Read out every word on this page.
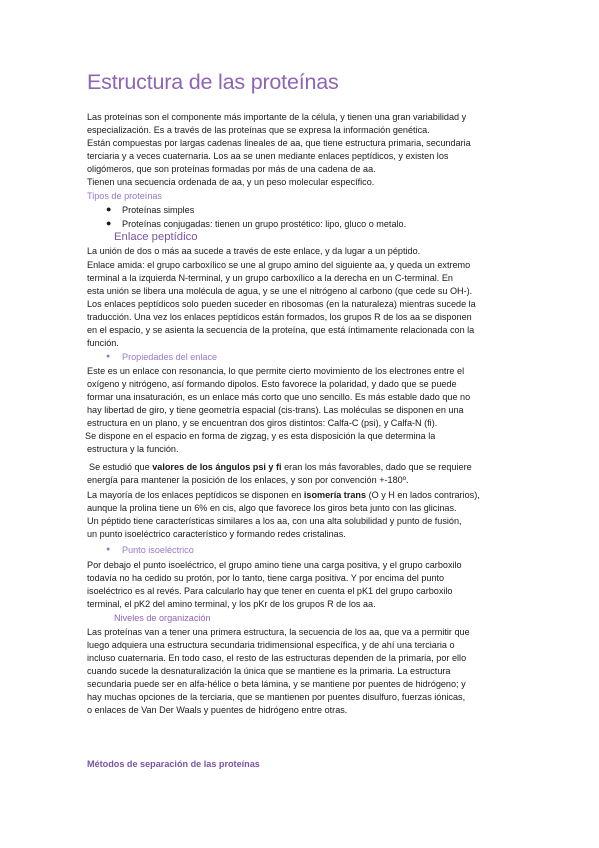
Estructura de las proteínas
Las proteínas son el componente más importante de la célula, y tienen una gran variabilidad y
especialización. Es a través de las proteínas que se expresa la información genética.
Están compuestas por largas cadenas lineales de aa, que tiene estructura primaria, secundaria
terciaria y a veces cuaternaria. Los aa se unen mediante enlaces peptídicos, y existen los
oligómeros, que son proteínas formadas por más de una cadena de aa.
Tienen una secuencia ordenada de aa, y un peso molecular específico.
Tipos de proteínas
● Proteínas simples
● Proteínas conjugadas: tienen un grupo prostético: lipo, gluco o metalo.
Enlace peptídico
La unión de dos o más aa sucede a través de este enlace, y da lugar a un péptido.
Enlace amida: el grupo carboxílico se une al grupo amino del siguiente aa, y queda un extremo
terminal a la izquierda N-terminal, y un grupo carboxílico a la derecha en un C-terminal. En
esta unión se libera una molécula de agua, y se une el nitrógeno al carbono (que cede su OH-).
Los enlaces peptídicos solo pueden suceder en ribosomas (en la naturaleza) mientras sucede la
traducción. Una vez los enlaces peptídicos están formados, los grupos R de los aa se disponen
en el espacio, y se asienta la secuencia de la proteína, que está íntimamente relacionada con la
función.
● Propiedades del enlace
Este es un enlace con resonancia, lo que permite cierto movimiento de los electrones entre el
oxígeno y nitrógeno, así formando dipolos. Esto favorece la polaridad, y dado que se puede
formar una insaturación, es un enlace más corto que uno sencillo. Es más estable dado que no
hay libertad de giro, y tiene geometría espacial (cis-trans). Las moléculas se disponen en una
estructura en un plano, y se encuentran dos giros distintos: Calfa-C (psi), y Calfa-N (fi).
Se dispone en el espacio en forma de zigzag, y es esta disposición la que determina la
estructura y la función.
Se estudió que valores de los ángulos psi y fi eran los más favorables, dado que se requiere
energía para mantener la posición de los enlaces, y son por convención +-180º.
La mayoría de los enlaces peptídicos se disponen en isomería trans (O y H en lados contrarios),
aunque la prolina tiene un 6% en cis, algo que favorece los giros beta junto con las glicinas.
Un péptido tiene características similares a los aa, con una alta solubilidad y punto de fusión,
un punto isoeléctrico característico y formando redes cristalinas.
● Punto isoeléctrico
Por debajo el punto isoeléctrico, el grupo amino tiene una carga positiva, y el grupo carboxilo
todavía no ha cedido su protón, por lo tanto, tiene carga positiva. Y por encima del punto
isoeléctrico es al revés. Para calcularlo hay que tener en cuenta el pK1 del grupo carboxilo
terminal, el pK2 del amino terminal, y los pKr de los grupos R de los aa.
Niveles de organización
Las proteínas van a tener una primera estructura, la secuencia de los aa, que va a permitir que
luego adquiera una estructura secundaria tridimensional específica, y de ahí una terciaria o
incluso cuaternaria. En todo caso, el resto de las estructuras dependen de la primaria, por ello
cuando sucede la desnaturalización la única que se mantiene es la primaria. La estructura
secundaria puede ser en alfa-hélice o beta lámina, y se mantiene por puentes de hidrógeno; y
hay muchas opciones de la terciaria, que se mantienen por puentes disulfuro, fuerzas iónicas,
o enlaces de Van Der Waals y puentes de hidrógeno entre otras.
Métodos de separación de las proteínas
